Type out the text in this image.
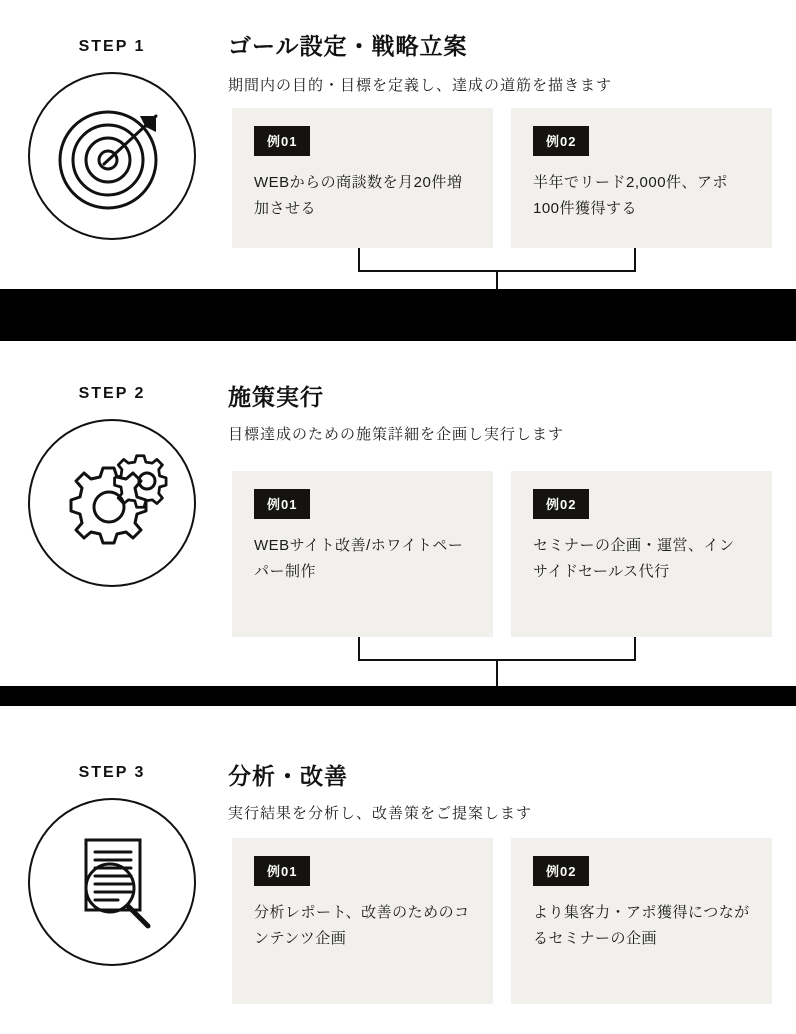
STEP 1	ゴール設定・戦略立案
期間内の目的・目標を定義し、達成の道筋を描きます
例01
WEBからの商談数を月20件増加させる
例02
半年でリード2,000件、アポ100件獲得する
STEP 2	施策実行
目標達成のための施策詳細を企画し実行します
例01
WEBサイト改善/ホワイトペーパー制作
例02
セミナーの企画・運営、インサイドセールス代行
STEP 3	分析・改善
実行結果を分析し、改善策をご提案します
例01
分析レポート、改善のためのコンテンツ企画
例02
より集客力・アポ獲得につながるセミナーの企画
